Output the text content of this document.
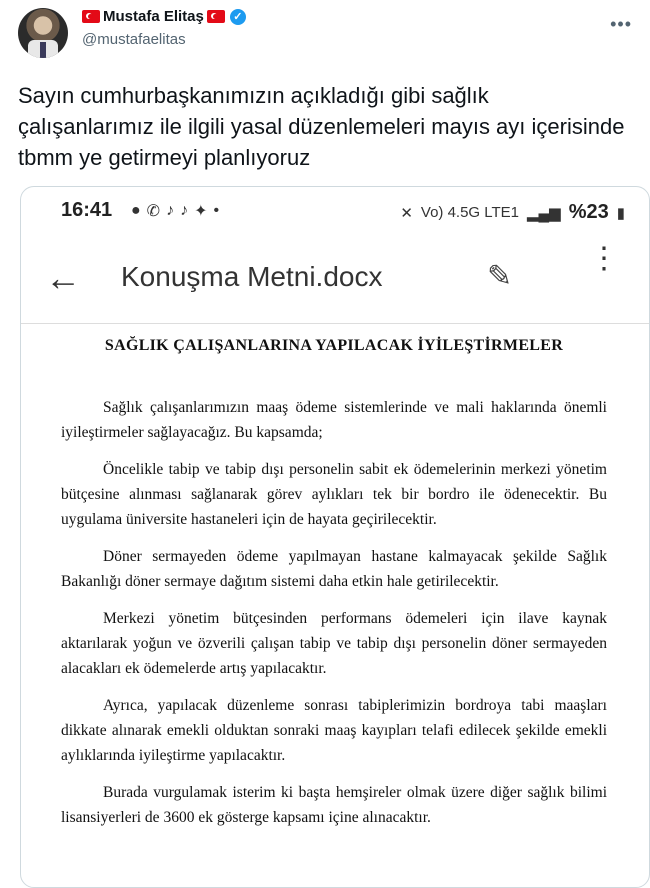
Mustafa Elitaş	✓
@mustafaelitas
•••
Sayın cumhurbaşkanımızın açıkladığı gibi sağlık çalışanlarımız ile ilgili yasal düzenlemeleri mayıs ayı içerisinde tbmm ye getirmeyi planlıyoruz
16:41 ● ✆ ♪ ♪ ✦ •	✕ Vo) 4.5G LTE1 ▂▄▆ %23 ▮
← Konuşma Metni.docx	✎
⋮
SAĞLIK ÇALIŞANLARINA YAPILACAK İYİLEŞTİRMELER

Sağlık çalışanlarımızın maaş ödeme sistemlerinde ve mali haklarında önemli iyileştirmeler sağlayacağız. Bu kapsamda;

Öncelikle tabip ve tabip dışı personelin sabit ek ödemelerinin merkezi yönetim bütçesine alınması sağlanarak görev aylıkları tek bir bordro ile ödenecektir. Bu uygulama üniversite hastaneleri için de hayata geçirilecektir.

Döner sermayeden ödeme yapılmayan hastane kalmayacak şekilde Sağlık Bakanlığı döner sermaye dağıtım sistemi daha etkin hale getirilecektir.

Merkezi yönetim bütçesinden performans ödemeleri için ilave kaynak aktarılarak yoğun ve özverili çalışan tabip ve tabip dışı personelin döner sermayeden alacakları ek ödemelerde artış yapılacaktır.

Ayrıca, yapılacak düzenleme sonrası tabiplerimizin bordroya tabi maaşları dikkate alınarak emekli olduktan sonraki maaş kayıpları telafi edilecek şekilde emekli aylıklarında iyileştirme yapılacaktır.

Burada vurgulamak isterim ki başta hemşireler olmak üzere diğer sağlık bilimi lisansiyerleri de 3600 ek gösterge kapsamı içine alınacaktır.
